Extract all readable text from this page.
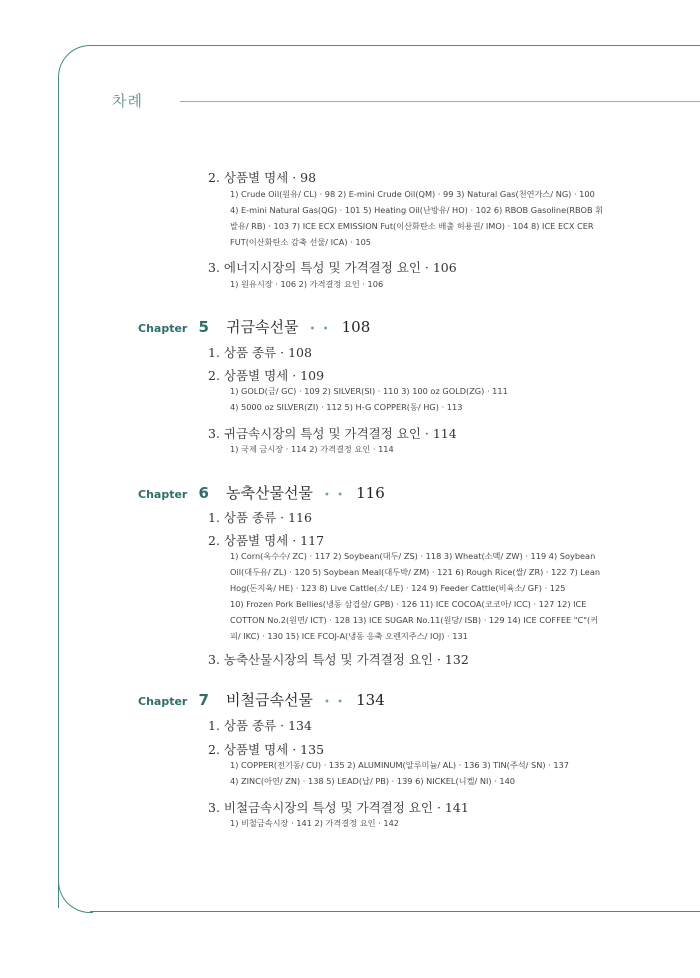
차례
2. 상품별 명세 · 98
1) Crude Oil(원유/ CL) · 98 2) E-mini Crude Oil(QM) · 99 3) Natural Gas(천연가스/ NG) · 100
4) E-mini Natural Gas(QG) · 101 5) Heating Oil(난방유/ HO) · 102 6) RBOB Gasoline(RBOB 휘
발유/ RB) · 103 7) ICE ECX EMISSION Fut(이산화탄소 배출 허용권/ IMO) · 104 8) ICE ECX CER
FUT(이산화탄소 감축 선물/ ICA) · 105
3. 에너지시장의 특성 및 가격결정 요인 · 106
1) 원유시장 · 106 2) 가격결정 요인 · 106
Chapter 5 귀금속선물 • • 108
1. 상품 종류 · 108
2. 상품별 명세 · 109
1) GOLD(금/ GC) · 109 2) SILVER(SI) · 110 3) 100 oz GOLD(ZG) · 111
4) 5000 oz SILVER(ZI) · 112 5) H-G COPPER(동/ HG) · 113
3. 귀금속시장의 특성 및 가격결정 요인 · 114
1) 국제 금시장 · 114 2) 가격결정 요인 · 114
Chapter 6 농축산물선물 • • 116
1. 상품 종류 · 116
2. 상품별 명세 · 117
1) Corn(옥수수/ ZC) · 117 2) Soybean(대두/ ZS) · 118 3) Wheat(소맥/ ZW) · 119 4) Soybean
Oil(대두유/ ZL) · 120 5) Soybean Meal(대두박/ ZM) · 121 6) Rough Rice(쌀/ ZR) · 122 7) Lean
Hog(돈지육/ HE) · 123 8) Live Cattle(소/ LE) · 124 9) Feeder Cattle(비육소/ GF) · 125
10) Frozen Pork Bellies(냉동 삼겹살/ GPB) · 126 11) ICE COCOA(코코아/ ICC) · 127 12) ICE
COTTON No.2(원면/ ICT) · 128 13) ICE SUGAR No.11(원당/ ISB) · 129 14) ICE COFFEE "C"(커
피/ IKC) · 130 15) ICE FCOJ-A(냉동 응축 오렌지주스/ IOJ) · 131
3. 농축산물시장의 특성 및 가격결정 요인 · 132
Chapter 7 비철금속선물 • • 134
1. 상품 종류 · 134
2. 상품별 명세 · 135
1) COPPER(전기동/ CU) · 135 2) ALUMINUM(알루미늄/ AL) · 136 3) TIN(주석/ SN) · 137
4) ZINC(아연/ ZN) · 138 5) LEAD(납/ PB) · 139 6) NICKEL(니켈/ NI) · 140
3. 비철금속시장의 특성 및 가격결정 요인 · 141
1) 비철금속시장 · 141 2) 가격결정 요인 · 142
